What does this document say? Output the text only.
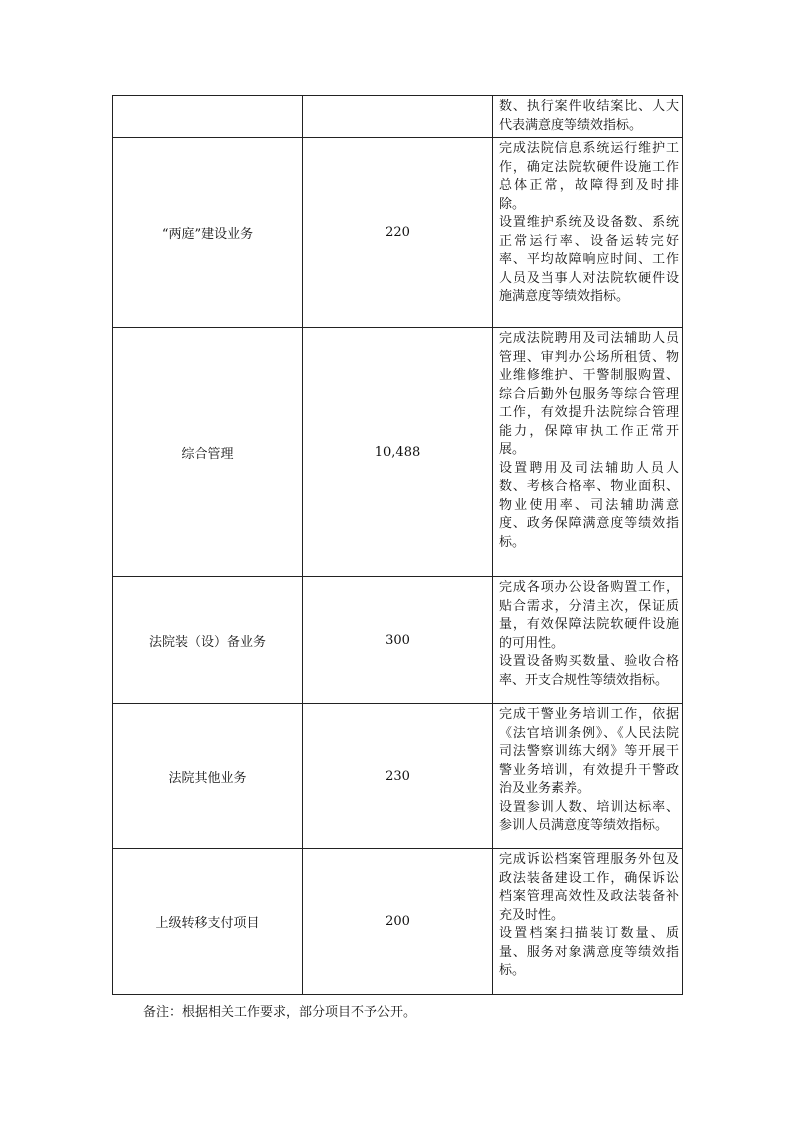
		数、执行案件收结案比、人大代表满意度等绩效指标。

“两庭”建设业务	220	完成法院信息系统运行维护工作，确定法院软硬件设施工作总体正常，故障得到及时排除。
设置维护系统及设备数、系统正常运行率、设备运转完好率、平均故障响应时间、工作人员及当事人对法院软硬件设施满意度等绩效指标。

综合管理	10,488	完成法院聘用及司法辅助人员管理、审判办公场所租赁、物业维修维护、干警制服购置、综合后勤外包服务等综合管理工作，有效提升法院综合管理能力，保障审执工作正常开展。
设置聘用及司法辅助人员人数、考核合格率、物业面积、物业使用率、司法辅助满意度、政务保障满意度等绩效指标。

法院装（设）备业务	300	完成各项办公设备购置工作，贴合需求，分清主次，保证质量，有效保障法院软硬件设施的可用性。
设置设备购买数量、验收合格率、开支合规性等绩效指标。

法院其他业务	230	完成干警业务培训工作，依据《法官培训条例》、《人民法院司法警察训练大纲》等开展干警业务培训，有效提升干警政治及业务素养。
设置参训人数、培训达标率、参训人员满意度等绩效指标。

上级转移支付项目	200	完成诉讼档案管理服务外包及政法装备建设工作，确保诉讼档案管理高效性及政法装备补充及时性。
设置档案扫描装订数量、质量、服务对象满意度等绩效指标。
备注：根据相关工作要求，部分项目不予公开。
